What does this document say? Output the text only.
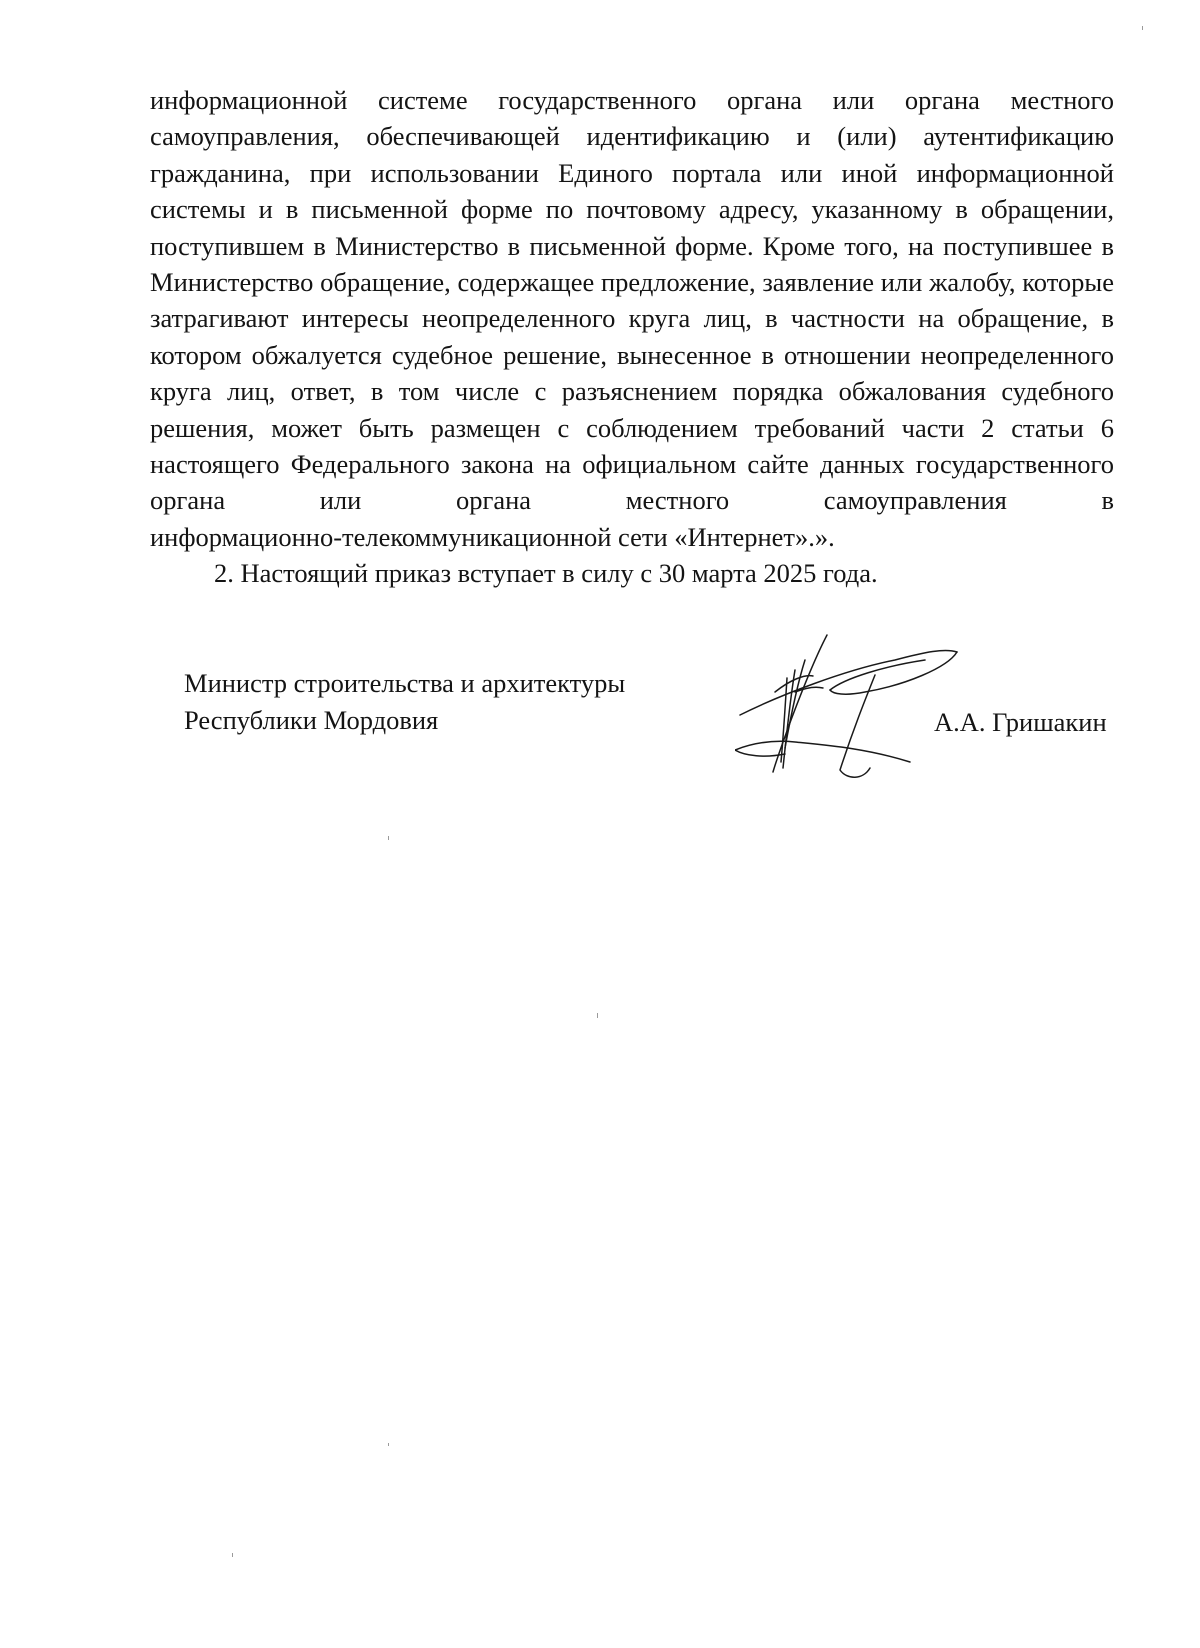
информационной системе государственного органа или органа местного самоуправления, обеспечивающей идентификацию и (или) аутентификацию гражданина, при использовании Единого портала или иной информационной системы и в письменной форме по почтовому адресу, указанному в обращении, поступившем в Министерство в письменной форме. Кроме того, на поступившее в Министерство обращение, содержащее предложение, заявление или жалобу, которые затрагивают интересы неопределенного круга лиц, в частности на обращение, в котором обжалуется судебное решение, вынесенное в отношении неопределенного круга лиц, ответ, в том числе с разъяснением порядка обжалования судебного решения, может быть размещен с соблюдением требований части 2 статьи 6 настоящего Федерального закона на официальном сайте данных государственного органа или органа местного самоуправления в
информационно-телекоммуникационной сети «Интернет».».

2. Настоящий приказ вступает в силу с 30 марта 2025 года.

Министр строительства и архитектуры
Республики Мордовия	А.А. Гришакин
